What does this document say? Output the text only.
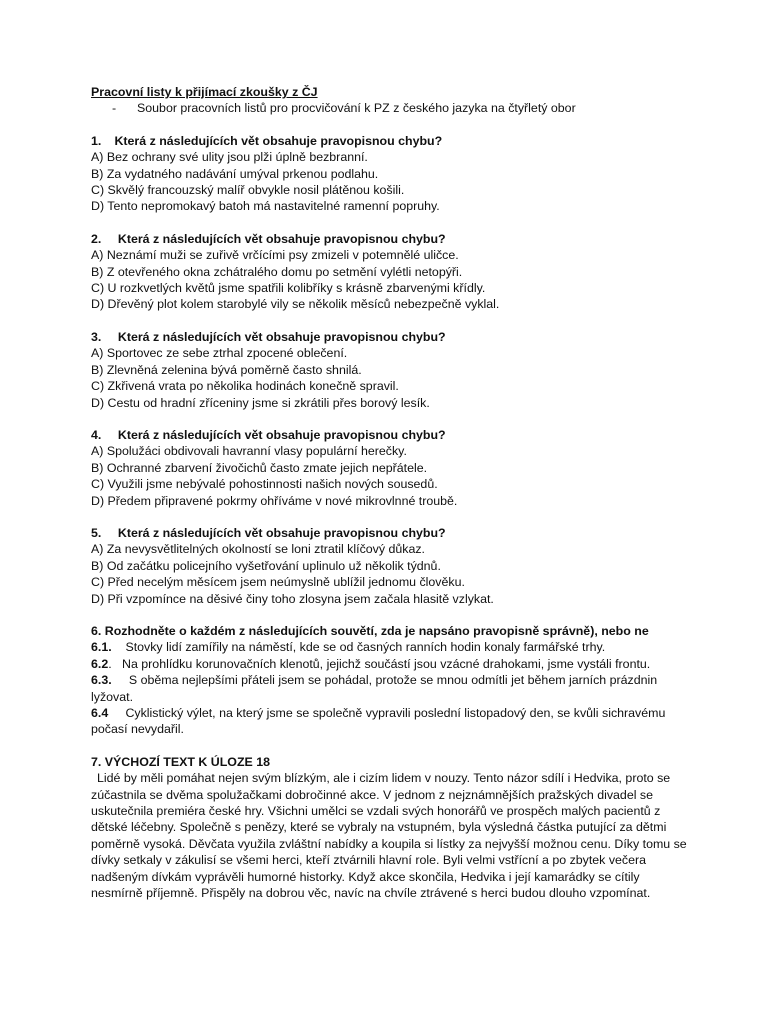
Pracovní listy k přijímací zkoušky z ČJ
- Soubor pracovních listů pro procvičování k PZ z českého jazyka na čtyřletý obor
1. Která z následujících vět obsahuje pravopisnou chybu?
A) Bez ochrany své ulity jsou plži úplně bezbranní.
B) Za vydatného nadávání umýval prkenou podlahu.
C) Skvělý francouzský malíř obvykle nosil plátěnou košili.
D) Tento nepromokavý batoh má nastavitelné ramenní popruhy.
2. Která z následujících vět obsahuje pravopisnou chybu?
A) Neznámí muži se zuřivě vrčícími psy zmizeli v potemnělé uličce.
B) Z otevřeného okna zchátralého domu po setmění vylétli netopýři.
C) U rozkvetlých květů jsme spatřili kolibříky s krásně zbarvenými křídly.
D) Dřevěný plot kolem starobylé vily se několik měsíců nebezpečně vyklal.
3. Která z následujících vět obsahuje pravopisnou chybu?
A) Sportovec ze sebe ztrhal zpocené oblečení.
B) Zlevněná zelenina bývá poměrně často shnilá.
C) Zkřivená vrata po několika hodinách konečně spravil.
D) Cestu od hradní zříceniny jsme si zkrátili přes borový lesík.
4. Která z následujících vět obsahuje pravopisnou chybu?
A) Spolužáci obdivovali havranní vlasy populární herečky.
B) Ochranné zbarvení živočichů často zmate jejich nepřátele.
C) Využili jsme nebývalé pohostinnosti našich nových sousedů.
D) Předem připravené pokrmy ohříváme v nové mikrovlnné troubě.
5. Která z následujících vět obsahuje pravopisnou chybu?
A) Za nevysvětlitelných okolností se loni ztratil klíčový důkaz.
B) Od začátku policejního vyšetřování uplinulo už několik týdnů.
C) Před necelým měsícem jsem neúmyslně ublížil jednomu člověku.
D) Při vzpomínce na děsivé činy toho zlosyna jsem začala hlasitě vzlykat.
6. Rozhodněte o každém z následujících souvětí, zda je napsáno pravopisně správně), nebo ne
6.1.    Stovky lidí zamířily na náměstí, kde se od časných ranních hodin konaly farmářské trhy.
6.2.   Na prohlídku korunovačních klenotů, jejichž součástí jsou vzácné drahokami, jsme vystáli frontu.
6.3.     S oběma nejlepšími přáteli jsem se pohádal, protože se mnou odmítli jet během jarních prázdnin lyžovat.
6.4     Cyklistický výlet, na který jsme se společně vypravili poslední listopadový den, se kvůli sichravému počasí nevydařil.
7. VÝCHOZÍ TEXT K ÚLOZE 18
Lidé by měli pomáhat nejen svým blízkým, ale i cizím lidem v nouzy. Tento názor sdílí i Hedvika, proto se zúčastnila se dvěma spolužačkami dobročinné akce. V jednom z nejznámnějších pražských divadel se uskutečnila premiéra české hry. Všichni umělci se vzdali svých honorářů ve prospěch malých pacientů z dětské léčebny. Společně s penězy, které se vybraly na vstupném, byla výsledná částka putující za dětmi poměrně vysoká. Děvčata využila zvláštní nabídky a koupila si lístky za nejvyšší možnou cenu. Díky tomu se dívky setkaly v zákulisí se všemi herci, kteří ztvárnili hlavní role. Byli velmi vstřícní a po zbytek večera nadšeným dívkám vyprávěli humorné historky. Když akce skončila, Hedvika i její kamarádky se cítily nesmírně příjemně. Přispěly na dobrou věc, navíc na chvíle ztrávené s herci budou dlouho vzpomínat.
